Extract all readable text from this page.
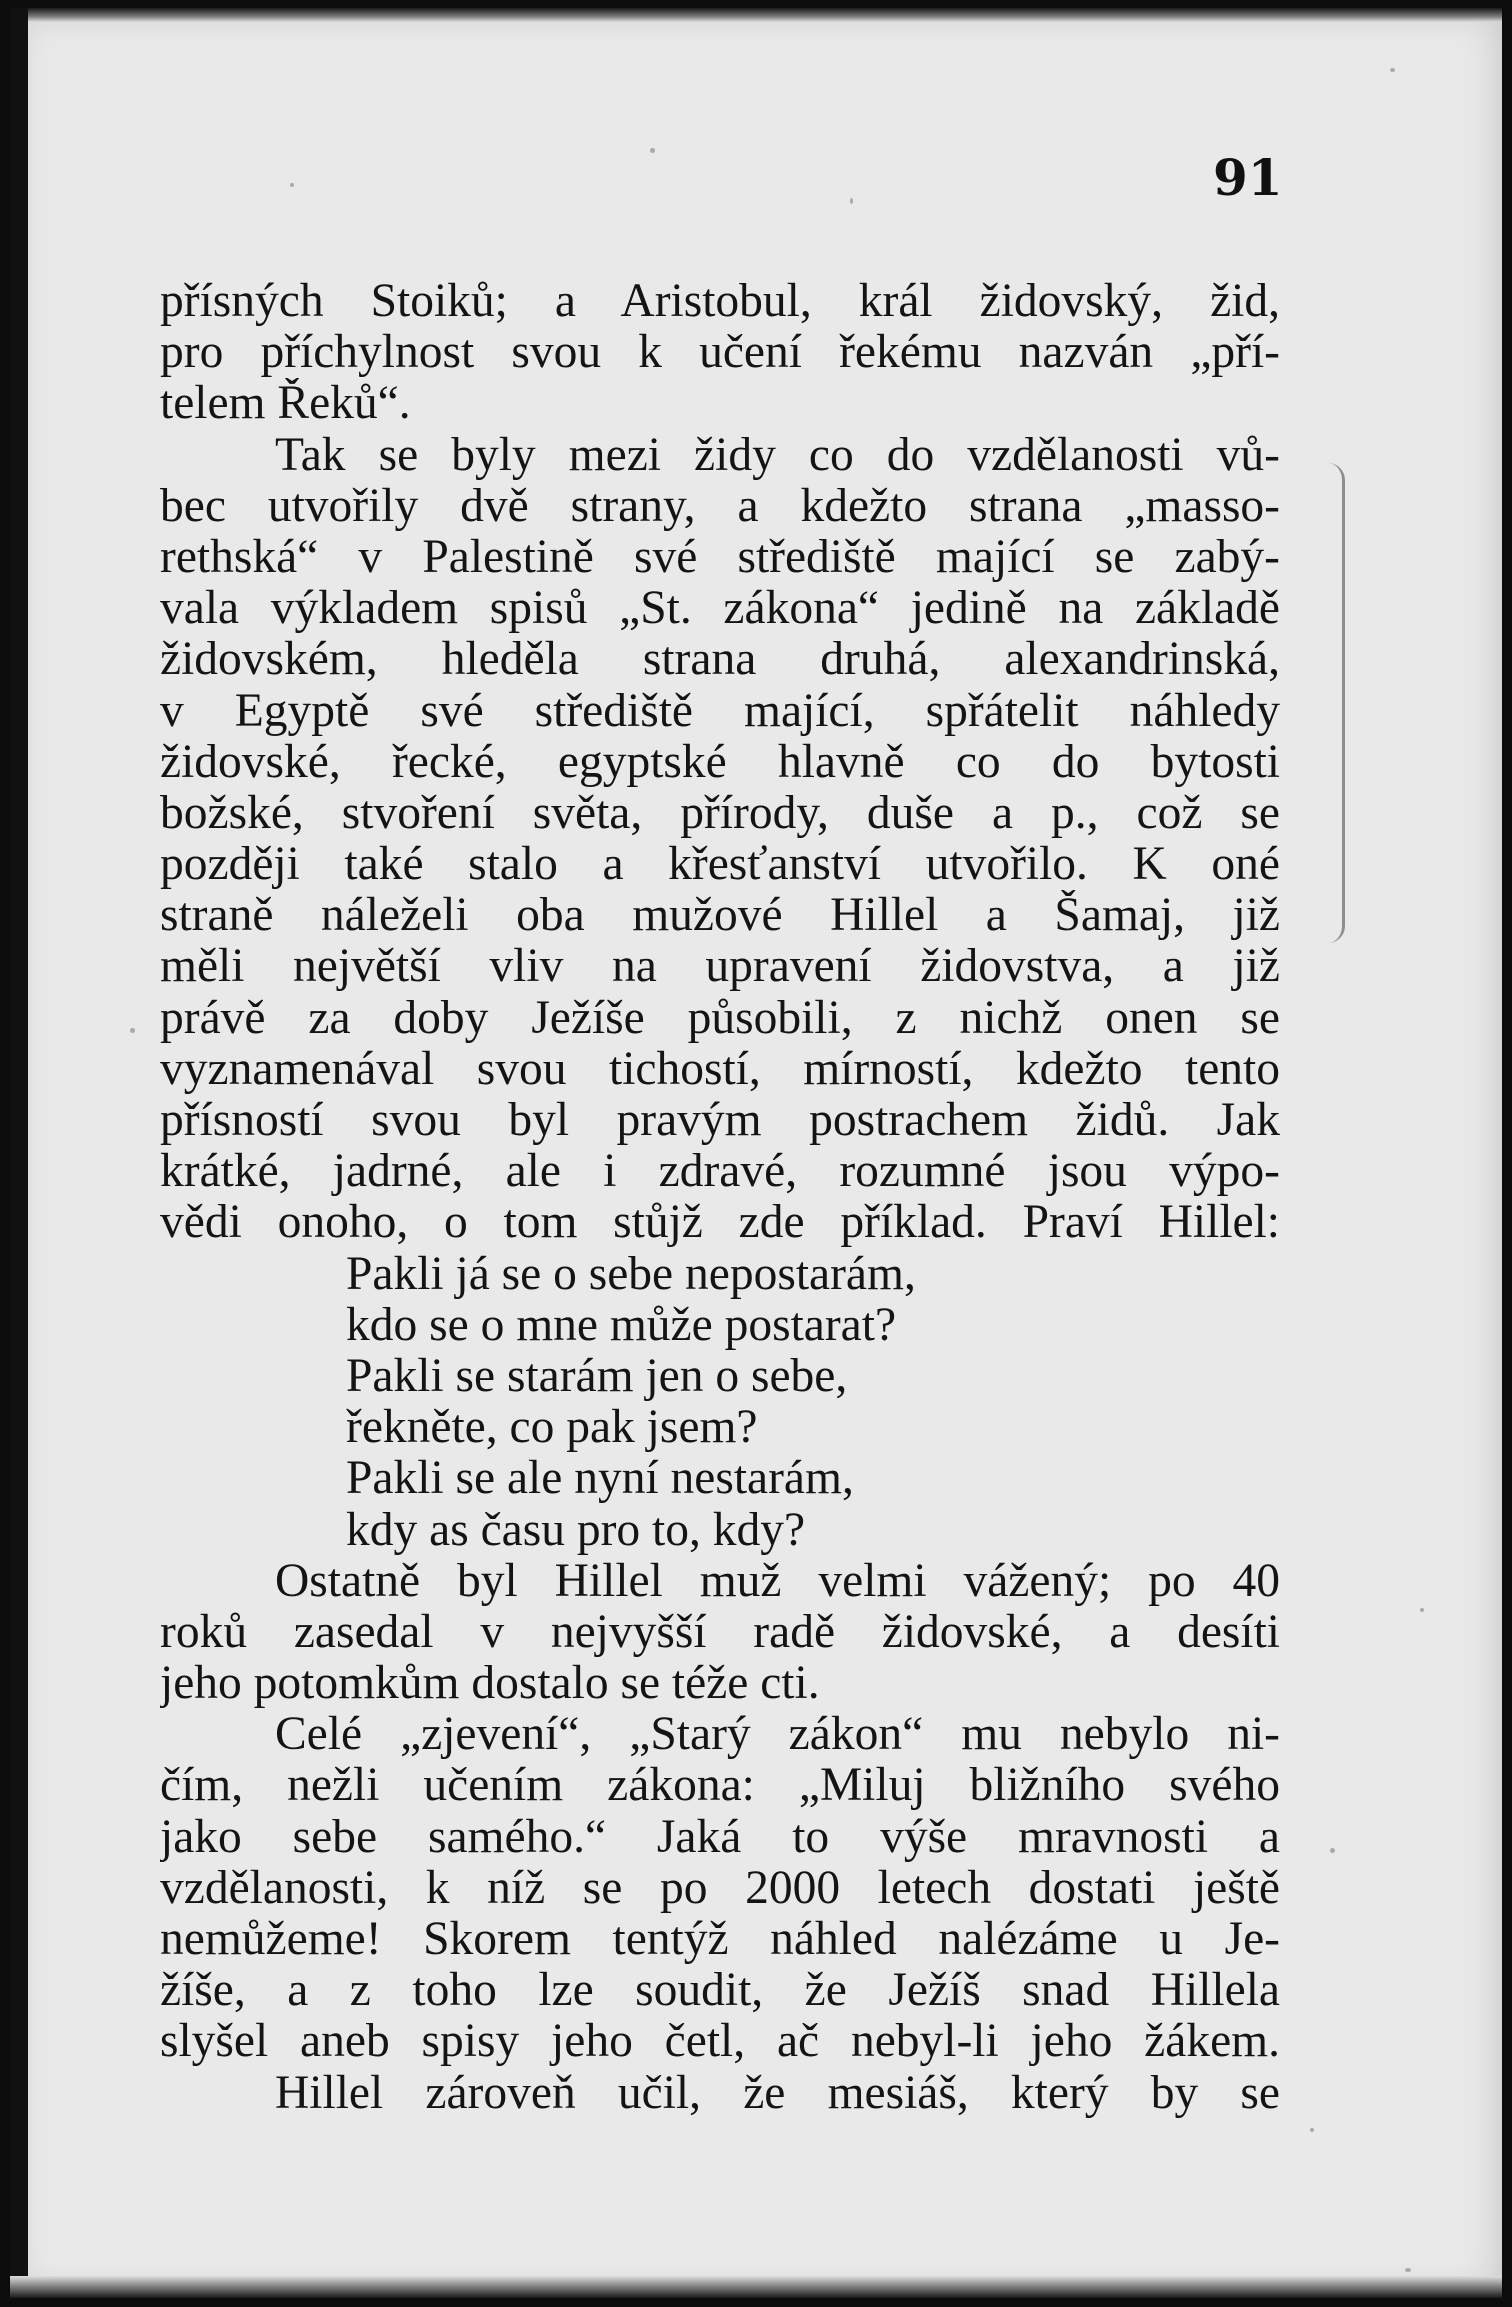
91
přísných Stoiků; a Aristobul, král židovský, žid,
pro příchylnost svou k učení řekému nazván „pří-
telem Řeků“.
Tak se byly mezi židy co do vzdělanosti vů-
bec utvořily dvě strany, a kdežto strana „masso-
rethská“ v Palestině své střediště mající se zabý-
vala výkladem spisů „St. zákona“ jedině na základě
židovském, hleděla strana druhá, alexandrinská,
v Egyptě své střediště mající, spřátelit náhledy
židovské, řecké, egyptské hlavně co do bytosti
božské, stvoření světa, přírody, duše a p., což se
později také stalo a křesťanství utvořilo. K oné
straně náleželi oba mužové Hillel a Šamaj, již
měli největší vliv na upravení židovstva, a již
právě za doby Ježíše působili, z nichž onen se
vyznamenával svou tichostí, mírností, kdežto tento
přísností svou byl pravým postrachem židů. Jak
krátké, jadrné, ale i zdravé, rozumné jsou výpo-
vědi onoho, o tom stůjž zde příklad. Praví Hillel:
Pakli já se o sebe nepostarám,
kdo se o mne může postarat?
Pakli se starám jen o sebe,
řekněte, co pak jsem?
Pakli se ale nyní nestarám,
kdy as času pro to, kdy?
Ostatně byl Hillel muž velmi vážený; po 40
roků zasedal v nejvyšší radě židovské, a desíti
jeho potomkům dostalo se téže cti.
Celé „zjevení“, „Starý zákon“ mu nebylo ni-
čím, nežli učením zákona: „Miluj bližního svého
jako sebe samého.“ Jaká to výše mravnosti a
vzdělanosti, k níž se po 2000 letech dostati ještě
nemůžeme! Skorem tentýž náhled nalézáme u Je-
žíše, a z toho lze soudit, že Ježíš snad Hillela
slyšel aneb spisy jeho četl, ač nebyl-li jeho žákem.
Hillel zároveň učil, že mesiáš, který by se
